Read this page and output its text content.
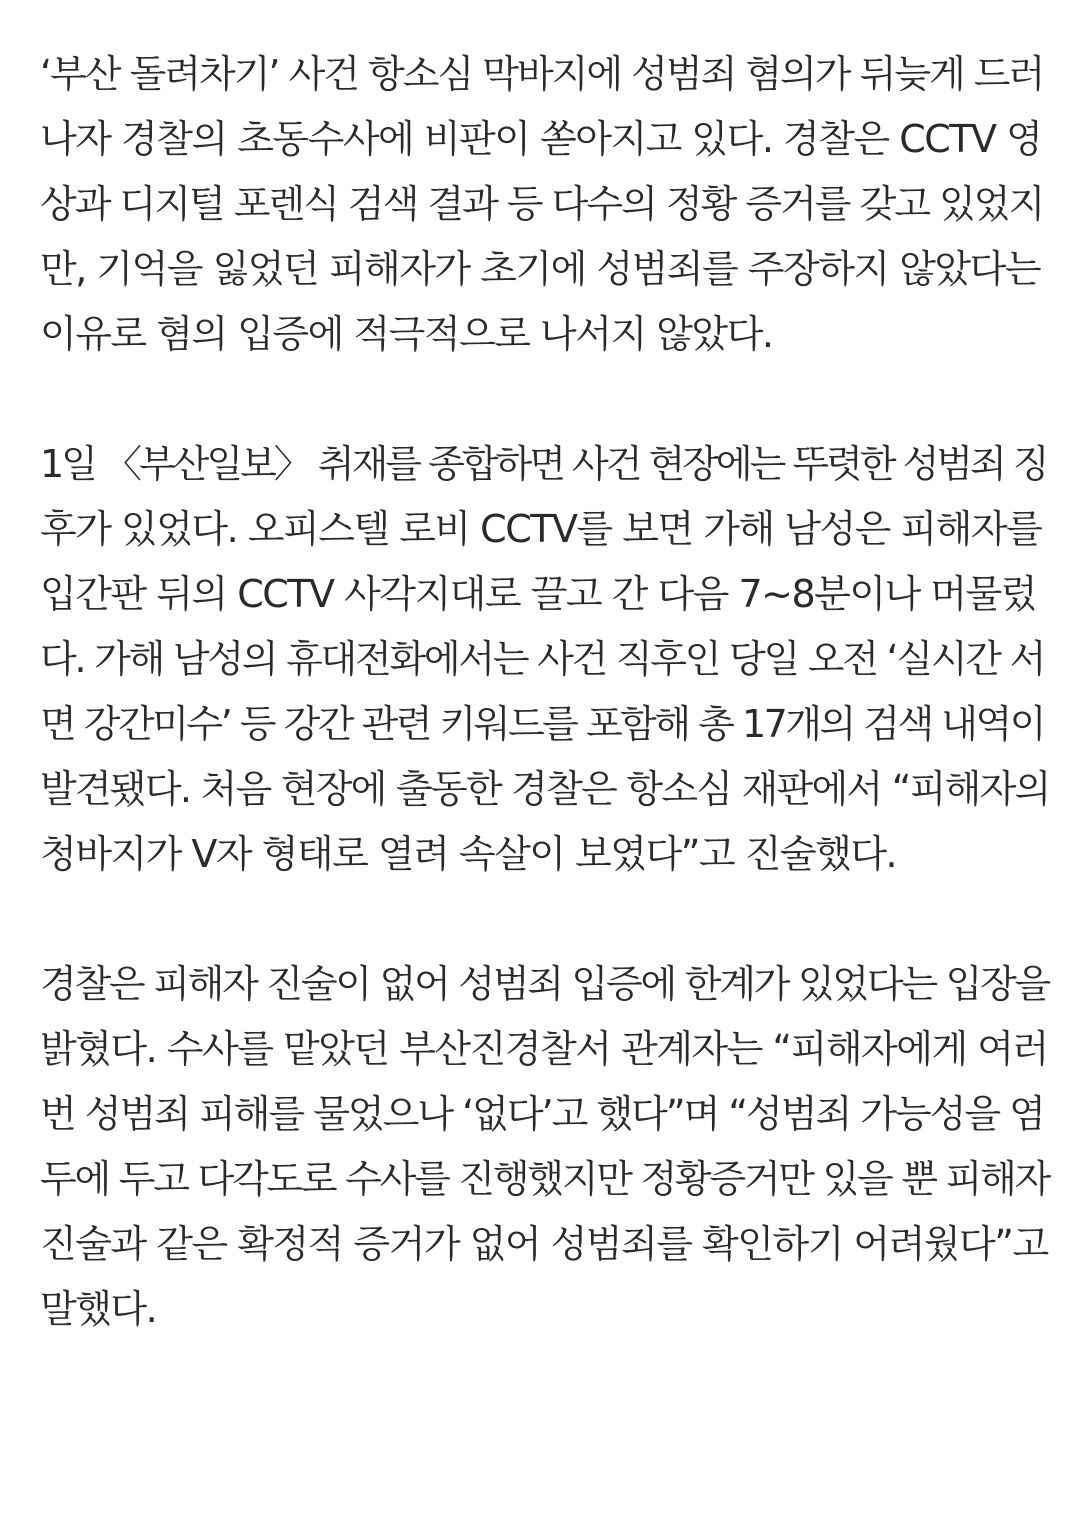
‘부산 돌려차기’ 사건 항소심 막바지에 성범죄 혐의가 뒤늦게 드러
나자 경찰의 초동수사에 비판이 쏟아지고 있다. 경찰은 CCTV 영
상과 디지털 포렌식 검색 결과 등 다수의 정황 증거를 갖고 있었지
만, 기억을 잃었던 피해자가 초기에 성범죄를 주장하지 않았다는
이유로 혐의 입증에 적극적으로 나서지 않았다.
1일 〈부산일보〉 취재를 종합하면 사건 현장에는 뚜렷한 성범죄 징
후가 있었다. 오피스텔 로비 CCTV를 보면 가해 남성은 피해자를
입간판 뒤의 CCTV 사각지대로 끌고 간 다음 7~8분이나 머물렀
다. 가해 남성의 휴대전화에서는 사건 직후인 당일 오전 ‘실시간 서
면 강간미수’ 등 강간 관련 키워드를 포함해 총 17개의 검색 내역이
발견됐다. 처음 현장에 출동한 경찰은 항소심 재판에서 “피해자의
청바지가 V자 형태로 열려 속살이 보였다”고 진술했다.
경찰은 피해자 진술이 없어 성범죄 입증에 한계가 있었다는 입장을
밝혔다. 수사를 맡았던 부산진경찰서 관계자는 “피해자에게 여러
번 성범죄 피해를 물었으나 ‘없다’고 했다”며 “성범죄 가능성을 염
두에 두고 다각도로 수사를 진행했지만 정황증거만 있을 뿐 피해자
진술과 같은 확정적 증거가 없어 성범죄를 확인하기 어려웠다”고
말했다.
